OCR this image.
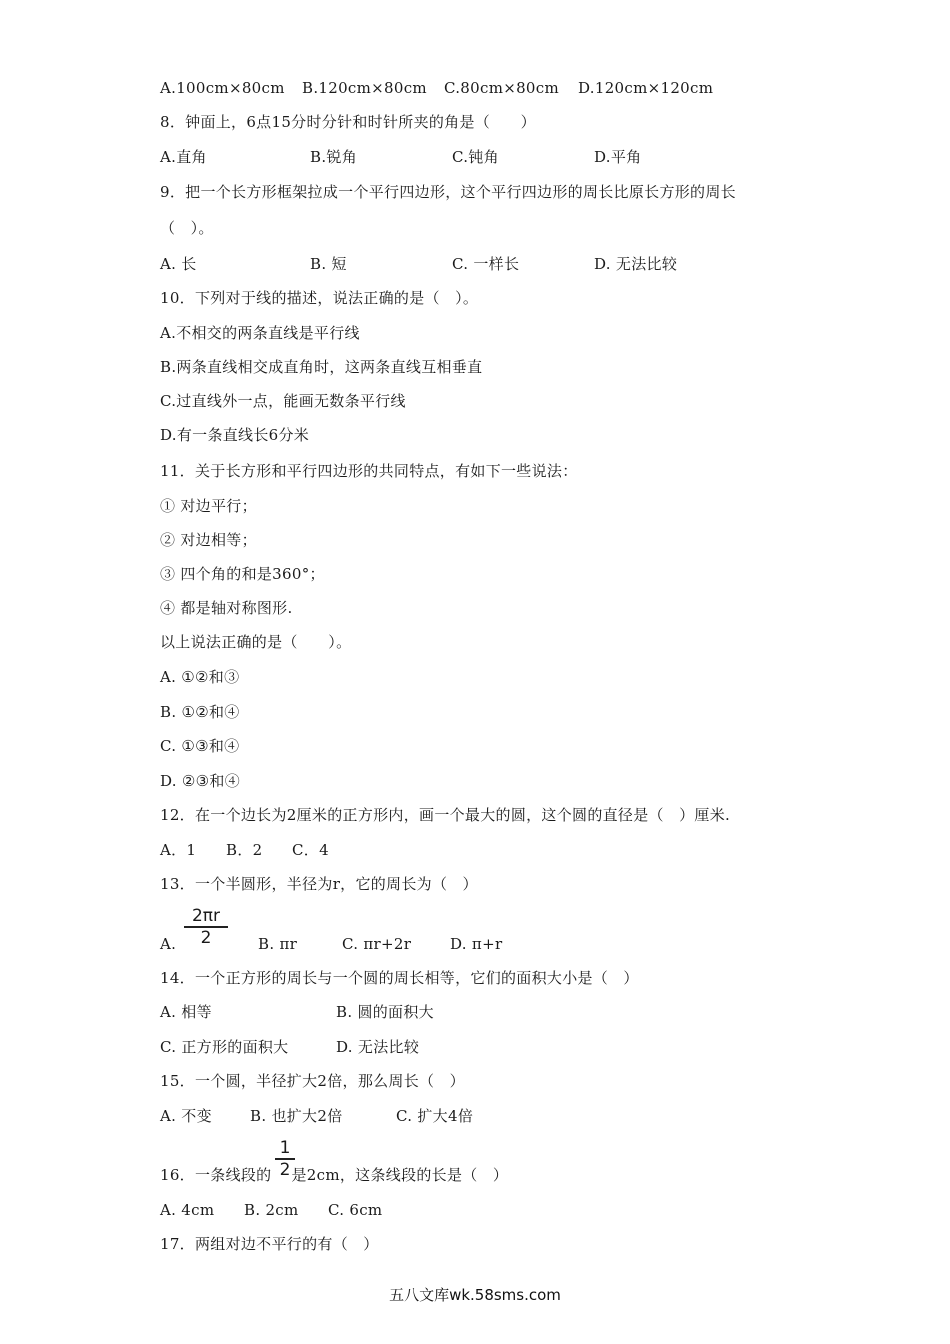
A.100cm×80cm B.120cm×80cm C.80cm×80cm D.120cm×120cm
8．钟面上，6点15分时分针和时针所夹的角是（　　）
A.直角	B.锐角	C.钝角	D.平角
9．把一个长方形框架拉成一个平行四边形，这个平行四边形的周长比原长方形的周长
（　）。
A. 长	B. 短	C. 一样长	D. 无法比较
10．下列对于线的描述，说法正确的是（　）。
A.不相交的两条直线是平行线
B.两条直线相交成直角时，这两条直线互相垂直
C.过直线外一点，能画无数条平行线
D.有一条直线长6分米
11．关于长方形和平行四边形的共同特点，有如下一些说法：
① 对边平行；
② 对边相等；
③ 四个角的和是360°；
④ 都是轴对称图形.
以上说法正确的是（　　）。
A. ①②和③
B. ①②和④
C. ①③和④
D. ②③和④
12．在一个边长为2厘米的正方形内，画一个最大的圆，这个圆的直径是（　）厘米.
A．1 B．2 C．4
13．一个半圆形，半径为r，它的周长为（　）
2πr
2
A.	B. πr	C. πr+2r	D. π+r
14．一个正方形的周长与一个圆的周长相等，它们的面积大小是（　）
A. 相等	B. 圆的面积大
C. 正方形的面积大	D. 无法比较
15．一个圆，半径扩大2倍，那么周长（　）
A. 不变	B. 也扩大2倍	C. 扩大4倍
16．一条线段的 是2cm，这条线段的长是（　）
1
2
A. 4cm B. 2cm C. 6cm
17．两组对边不平行的有（　）
五八文库wk.58sms.com
